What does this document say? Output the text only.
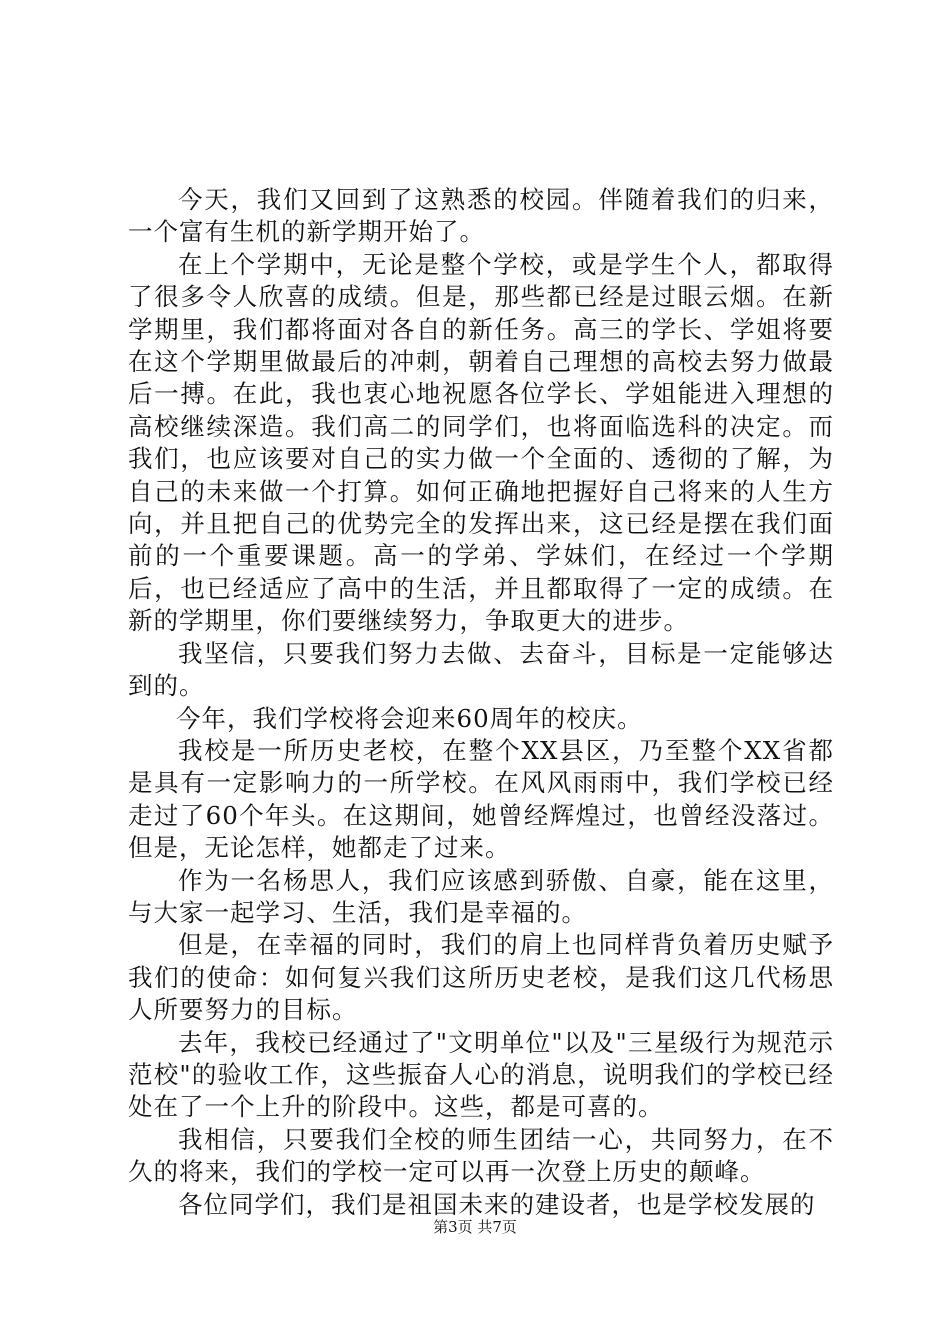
今天，我们又回到了这熟悉的校园。伴随着我们的归来，一个富有生机的新学期开始了。

在上个学期中，无论是整个学校，或是学生个人，都取得了很多令人欣喜的成绩。但是，那些都已经是过眼云烟。在新学期里，我们都将面对各自的新任务。高三的学长、学姐将要在这个学期里做最后的冲刺，朝着自己理想的高校去努力做最后一搏。在此，我也衷心地祝愿各位学长、学姐能进入理想的高校继续深造。我们高二的同学们，也将面临选科的决定。而我们，也应该要对自己的实力做一个全面的、透彻的了解，为自己的未来做一个打算。如何正确地把握好自己将来的人生方向，并且把自己的优势完全的发挥出来，这已经是摆在我们面前的一个重要课题。高一的学弟、学妹们，在经过一个学期后，也已经适应了高中的生活，并且都取得了一定的成绩。在新的学期里，你们要继续努力，争取更大的进步。

我坚信，只要我们努力去做、去奋斗，目标是一定能够达到的。

今年，我们学校将会迎来60周年的校庆。

我校是一所历史老校，在整个XX县区，乃至整个XX省都是具有一定影响力的一所学校。在风风雨雨中，我们学校已经走过了60个年头。在这期间，她曾经辉煌过，也曾经没落过。但是，无论怎样，她都走了过来。

作为一名杨思人，我们应该感到骄傲、自豪，能在这里，与大家一起学习、生活，我们是幸福的。

但是，在幸福的同时，我们的肩上也同样背负着历史赋予我们的使命：如何复兴我们这所历史老校，是我们这几代杨思人所要努力的目标。

去年，我校已经通过了"文明单位"以及"三星级行为规范示范校"的验收工作，这些振奋人心的消息，说明我们的学校已经处在了一个上升的阶段中。这些，都是可喜的。

我相信，只要我们全校的师生团结一心，共同努力，在不久的将来，我们的学校一定可以再一次登上历史的颠峰。

各位同学们，我们是祖国未来的建设者，也是学校发展的

第3页 共7页
